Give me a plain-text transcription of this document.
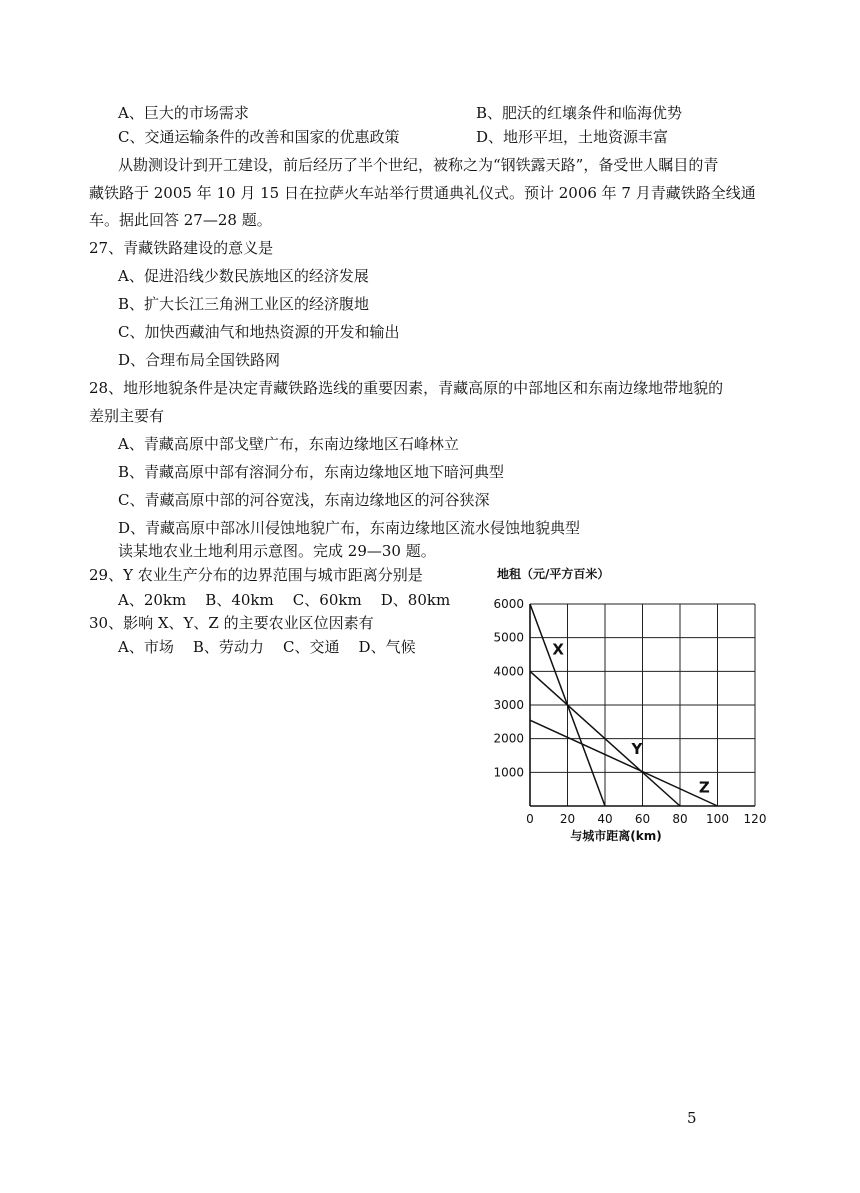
A、巨大的市场需求	B、肥沃的红壤条件和临海优势
C、交通运输条件的改善和国家的优惠政策	D、地形平坦，土地资源丰富
从勘测设计到开工建设，前后经历了半个世纪，被称之为“钢铁露天路”，备受世人瞩目的青
藏铁路于 2005 年 10 月 15 日在拉萨火车站举行贯通典礼仪式。预计 2006 年 7 月青藏铁路全线通
车。据此回答 27—28 题。
27、青藏铁路建设的意义是
A、促进沿线少数民族地区的经济发展
B、扩大长江三角洲工业区的经济腹地
C、加快西藏油气和地热资源的开发和输出
D、合理布局全国铁路网
28、地形地貌条件是决定青藏铁路选线的重要因素，青藏高原的中部地区和东南边缘地带地貌的
差别主要有
A、青藏高原中部戈壁广布，东南边缘地区石峰林立
B、青藏高原中部有溶洞分布，东南边缘地区地下暗河典型
C、青藏高原中部的河谷宽浅，东南边缘地区的河谷狭深
D、青藏高原中部冰川侵蚀地貌广布，东南边缘地区流水侵蚀地貌典型
读某地农业土地利用示意图。完成 29—30 题。
29、Y 农业生产分布的边界范围与城市距离分别是
A、20km    B、40km    C、60km    D、80km
30、影响 X、Y、Z 的主要农业区位因素有
A、市场    B、劳动力    C、交通    D、气候
地租（元/平方百米）
0 20 40 60 80 100 120
1000
2000
3000
4000
5000
6000
X
Y
Z
与城市距离(km)
5
